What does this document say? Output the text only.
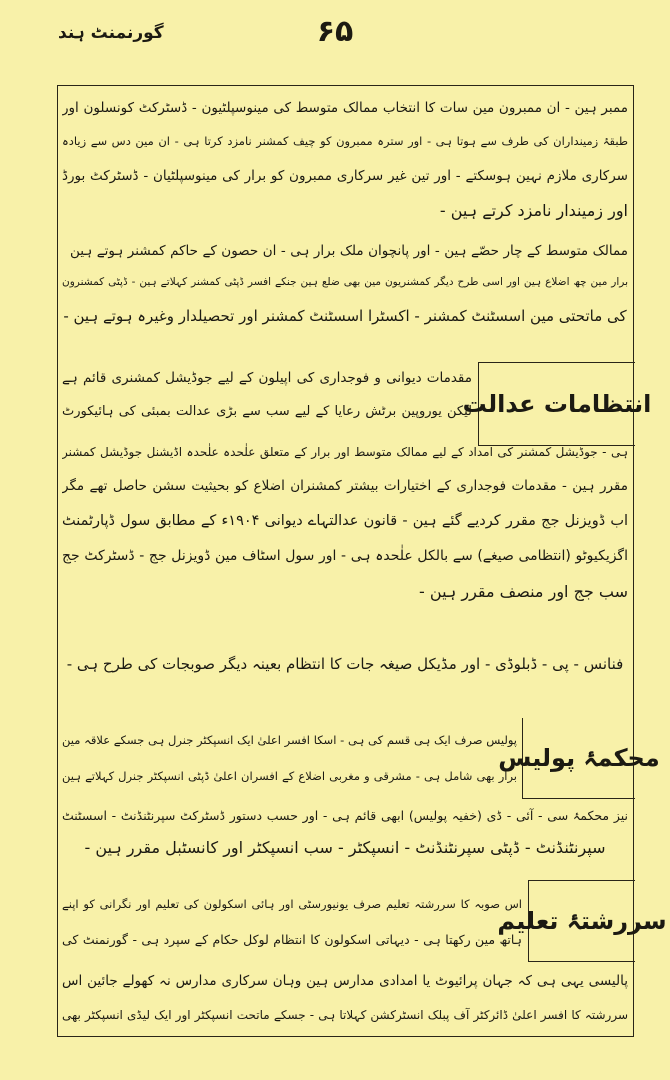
گورنمنٹ ہند	۶۵
ممبر ہین - ان ممبرون مین سات کا انتخاب ممالک متوسط کی مینوسپلٹیون - ڈسٹرکٹ کونسلون اور
طبقۂ زمینداران کی طرف سے ہوتا ہی - اور سترہ ممبرون کو چیف کمشنر نامزد کرتا ہی - ان مین دس سے زیادہ
سرکاری ملازم نہین ہوسکتے - اور تین غیر سرکاری ممبرون کو برار کی مینوسپلٹیان - ڈسٹرکٹ بورڈ
اور زمیندار نامزد کرتے ہین -
ممالک متوسط کے چار حصّے ہین - اور پانچوان ملک برار ہی - ان حصون کے حاکم کمشنر ہوتے ہین
برار مین چھ اضلاع ہین اور اسی طرح دیگر کمشنریون مین بھی ضلع ہین جنکے افسر ڈپٹی کمشنر کہلاتے ہین - ڈپٹی کمشنرون
کی ماتحتی مین اسسٹنٹ کمشنر - اکسٹرا اسسٹنٹ کمشنر اور تحصیلدار وغیرہ ہوتے ہین -
انتظامات عدالت
مقدمات دیوانی و فوجداری کی اپیلون کے لیے جوڈیشل کمشنری قائم ہے
لیکن یوروپین برٹش رعایا کے لیے سب سے بڑی عدالت بمبئی کی ہائیکورٹ
ہی - جوڈیشل کمشنر کی امداد کے لیے ممالک متوسط اور برار کے متعلق علٰحدہ علٰحدہ اڈیشنل جوڈیشل کمشنر
مقرر ہین - مقدمات فوجداری کے اختیارات بیشتر کمشنران اضلاع کو بحیثیت سشن حاصل تھے مگر
اب ڈویزنل جج مقرر کردیے گئے ہین - قانون عدالتہاے دیوانی ۱۹۰۴ء کے مطابق سول ڈپارٹمنٹ
اگزیکیوٹو (انتظامی صیغے) سے بالکل علٰحدہ ہی - اور سول اسٹاف مین ڈویزنل جج - ڈسٹرکٹ جج
سب جج اور منصف مقرر ہین -
فنانس - پی - ڈبلوڈی - اور مڈیکل صیغہ جات کا انتظام بعینہ دیگر صوبجات کی طرح ہی -
محکمۂ پولیس
پولیس صرف ایک ہی قسم کی ہی - اسکا افسر اعلیٰ ایک انسپکٹر جنرل ہی جسکے علاقہ مین
برار بھی شامل ہی - مشرقی و مغربی اضلاع کے افسران اعلیٰ ڈپٹی انسپکٹر جنرل کہلاتے ہین
نیز محکمۂ سی - آئی - ڈی (خفیہ پولیس) ابھی قائم ہی - اور حسب دستور ڈسٹرکٹ سپرنٹنڈنٹ - اسسٹنٹ
سپرنٹنڈنٹ - ڈپٹی سپرنٹنڈنٹ - انسپکٹر - سب انسپکٹر اور کانسٹبل مقرر ہین -
سررشتۂ تعلیم
اس صوبہ کا سررشتہ تعلیم صرف یونیورسٹی اور ہائی اسکولون کی تعلیم اور نگرانی کو اپنے
ہاتھ مین رکھتا ہی - دیہاتی اسکولون کا انتظام لوکل حکام کے سپرد ہی - گورنمنٹ کی
پالیسی یہی ہی کہ جہان پرائیوٹ یا امدادی مدارس ہین وہان سرکاری مدارس نہ کھولے جائین اس
سررشتہ کا افسر اعلیٰ ڈائرکٹر آف پبلک انسٹرکشن کہلاتا ہی - جسکے ماتحت انسپکٹر اور ایک لیڈی انسپکٹر بھی
